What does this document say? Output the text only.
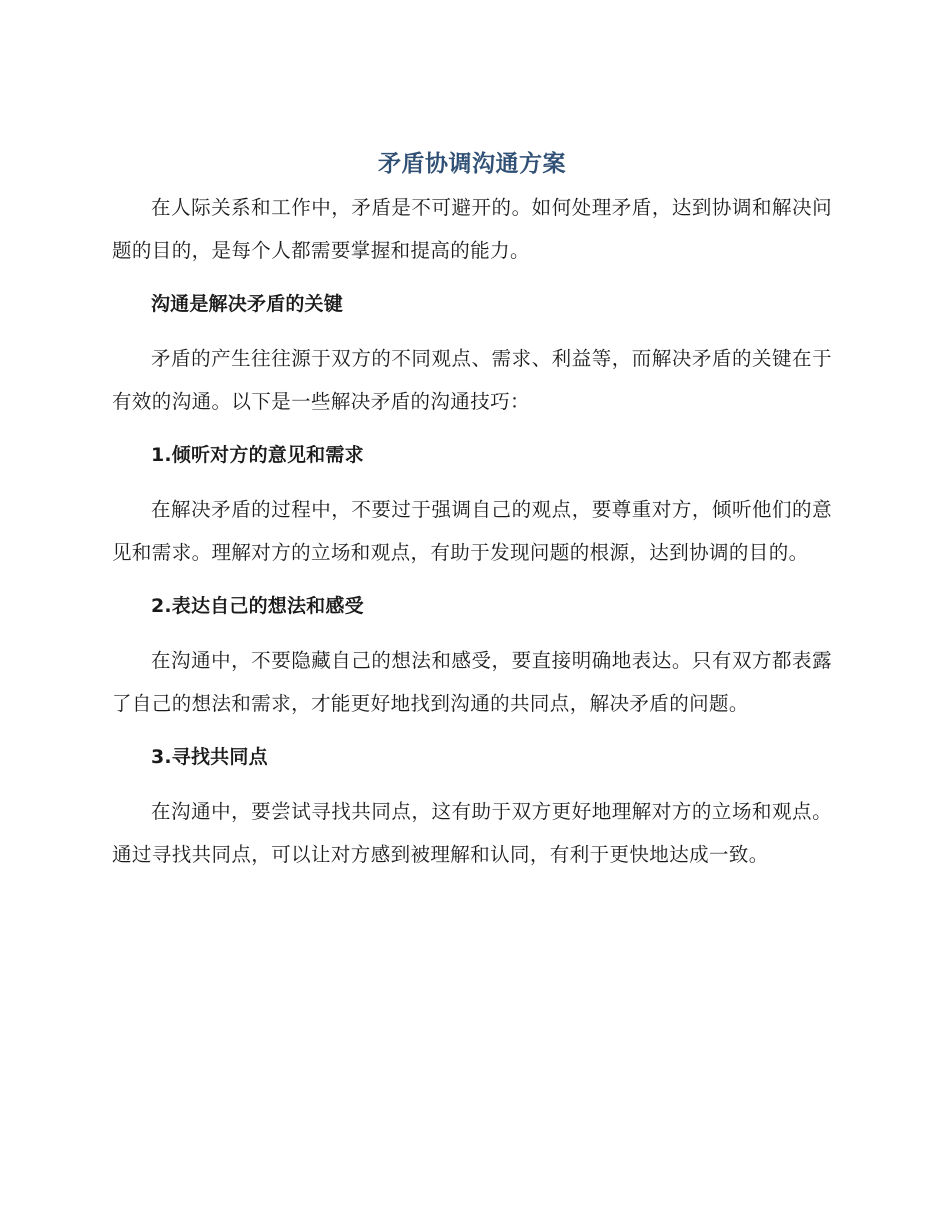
矛盾协调沟通方案

在人际关系和工作中，矛盾是不可避开的。如何处理矛盾，达到协调和解决问题的目的，是每个人都需要掌握和提高的能力。

沟通是解决矛盾的关键

矛盾的产生往往源于双方的不同观点、需求、利益等，而解决矛盾的关键在于有效的沟通。以下是一些解决矛盾的沟通技巧：

1.倾听对方的意见和需求

在解决矛盾的过程中，不要过于强调自己的观点，要尊重对方，倾听他们的意见和需求。理解对方的立场和观点，有助于发现问题的根源，达到协调的目的。

2.表达自己的想法和感受

在沟通中，不要隐藏自己的想法和感受，要直接明确地表达。只有双方都表露了自己的想法和需求，才能更好地找到沟通的共同点，解决矛盾的问题。

3.寻找共同点

在沟通中，要尝试寻找共同点，这有助于双方更好地理解对方的立场和观点。通过寻找共同点，可以让对方感到被理解和认同，有利于更快地达成一致。
